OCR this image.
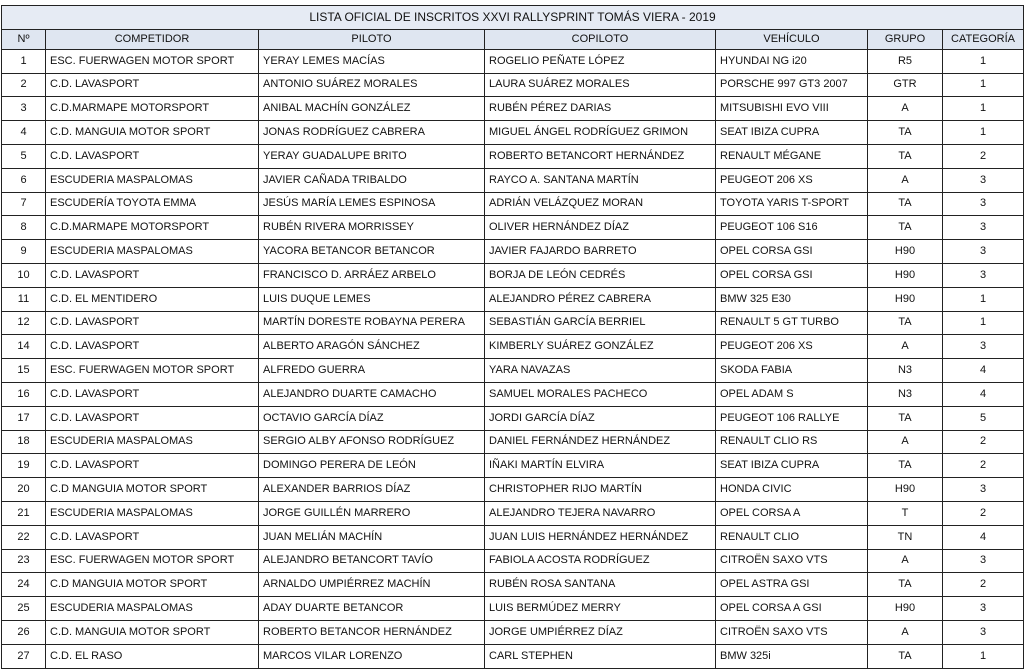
LISTA OFICIAL DE INSCRITOS XXVI RALLYSPRINT TOMÁS VIERA - 2019						
Nº	COMPETIDOR	PILOTO	COPILOTO	VEHÍCULO	GRUPO	CATEGORÍA
1	ESC. FUERWAGEN MOTOR SPORT	YERAY LEMES MACÍAS	ROGELIO PEÑATE LÓPEZ	HYUNDAI NG i20	R5	1
2	C.D. LAVASPORT	ANTONIO SUÁREZ MORALES	LAURA SUÁREZ MORALES	PORSCHE 997 GT3 2007	GTR	1
3	C.D.MARMAPE MOTORSPORT	ANIBAL MACHÍN GONZÁLEZ	RUBÉN PÉREZ DARIAS	MITSUBISHI EVO VIII	A	1
4	C.D. MANGUIA MOTOR SPORT	JONAS RODRÍGUEZ CABRERA	MIGUEL ÁNGEL RODRÍGUEZ GRIMON	SEAT IBIZA CUPRA	TA	1
5	C.D. LAVASPORT	YERAY GUADALUPE BRITO	ROBERTO BETANCORT HERNÁNDEZ	RENAULT MÉGANE	TA	2
6	ESCUDERIA MASPALOMAS	JAVIER CAÑADA TRIBALDO	RAYCO A. SANTANA MARTÍN	PEUGEOT 206 XS	A	3
7	ESCUDERÍA TOYOTA EMMA	JESÚS MARÍA LEMES ESPINOSA	ADRIÁN VELÁZQUEZ MORAN	TOYOTA YARIS T-SPORT	TA	3
8	C.D.MARMAPE MOTORSPORT	RUBÉN RIVERA MORRISSEY	OLIVER HERNÁNDEZ DÍAZ	PEUGEOT 106 S16	TA	3
9	ESCUDERIA MASPALOMAS	YACORA BETANCOR BETANCOR	JAVIER FAJARDO BARRETO	OPEL CORSA GSI	H90	3
10	C.D. LAVASPORT	FRANCISCO D. ARRÁEZ ARBELO	BORJA DE LEÓN CEDRÉS	OPEL CORSA GSI	H90	3
11	C.D. EL MENTIDERO	LUIS DUQUE LEMES	ALEJANDRO PÉREZ CABRERA	BMW 325 E30	H90	1
12	C.D. LAVASPORT	MARTÍN DORESTE ROBAYNA PERERA	SEBASTIÁN GARCÍA BERRIEL	RENAULT 5 GT TURBO	TA	1
14	C.D. LAVASPORT	ALBERTO ARAGÓN SÁNCHEZ	KIMBERLY SUÁREZ GONZÁLEZ	PEUGEOT 206 XS	A	3
15	ESC. FUERWAGEN MOTOR SPORT	ALFREDO GUERRA	YARA NAVAZAS	SKODA FABIA	N3	4
16	C.D. LAVASPORT	ALEJANDRO DUARTE CAMACHO	SAMUEL MORALES PACHECO	OPEL ADAM S	N3	4
17	C.D. LAVASPORT	OCTAVIO GARCÍA DÍAZ	JORDI GARCÍA DÍAZ	PEUGEOT 106 RALLYE	TA	5
18	ESCUDERIA MASPALOMAS	SERGIO ALBY AFONSO RODRÍGUEZ	DANIEL FERNÁNDEZ HERNÁNDEZ	RENAULT CLIO RS	A	2
19	C.D. LAVASPORT	DOMINGO PERERA DE LEÓN	IÑAKI MARTÍN ELVIRA	SEAT IBIZA CUPRA	TA	2
20	C.D MANGUIA MOTOR SPORT	ALEXANDER BARRIOS DÍAZ	CHRISTOPHER RIJO MARTÍN	HONDA CIVIC	H90	3
21	ESCUDERIA MASPALOMAS	JORGE GUILLÉN MARRERO	ALEJANDRO TEJERA NAVARRO	OPEL CORSA A	T	2
22	C.D. LAVASPORT	JUAN MELIÁN MACHÍN	JUAN LUIS HERNÁNDEZ HERNÁNDEZ	RENAULT CLIO	TN	4
23	ESC. FUERWAGEN MOTOR SPORT	ALEJANDRO BETANCORT TAVÍO	FABIOLA ACOSTA RODRÍGUEZ	CITROËN SAXO VTS	A	3
24	C.D MANGUIA MOTOR SPORT	ARNALDO UMPIÉRREZ MACHÍN	RUBÉN ROSA SANTANA	OPEL ASTRA GSI	TA	2
25	ESCUDERIA MASPALOMAS	ADAY DUARTE BETANCOR	LUIS BERMÚDEZ MERRY	OPEL CORSA A GSI	H90	3
26	C.D. MANGUIA MOTOR SPORT	ROBERTO BETANCOR HERNÁNDEZ	JORGE UMPIÉRREZ DÍAZ	CITROËN SAXO VTS	A	3
27	C.D. EL RASO	MARCOS VILAR LORENZO	CARL STEPHEN	BMW 325i	TA	1
